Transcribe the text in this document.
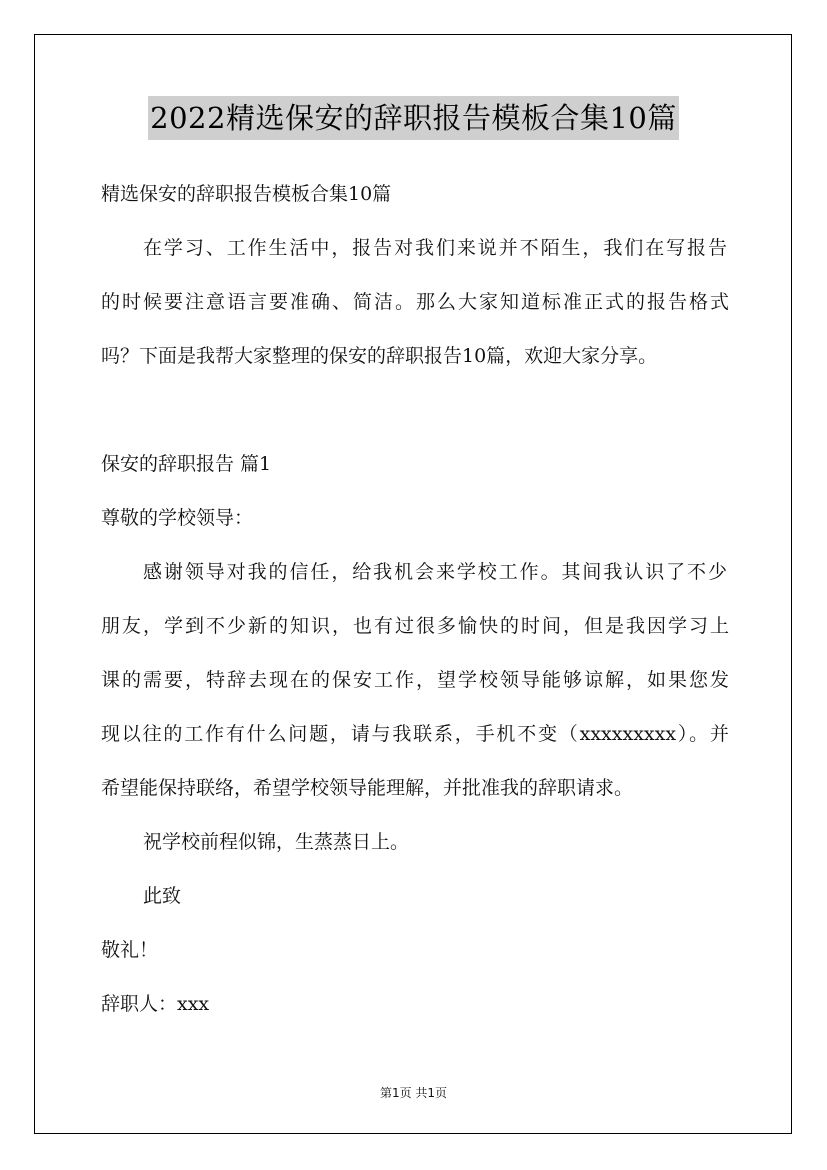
2022精选保安的辞职报告模板合集10篇
精选保安的辞职报告模板合集10篇
在学习、工作生活中，报告对我们来说并不陌生，我们在写报告
的时候要注意语言要准确、简洁。那么大家知道标准正式的报告格式
吗？下面是我帮大家整理的保安的辞职报告10篇，欢迎大家分享。
保安的辞职报告 篇1
尊敬的学校领导：
感谢领导对我的信任，给我机会来学校工作。其间我认识了不少
朋友，学到不少新的知识，也有过很多愉快的时间，但是我因学习上
课的需要，特辞去现在的保安工作，望学校领导能够谅解，如果您发
现以往的工作有什么问题，请与我联系，手机不变（xxxxxxxxx）。并
希望能保持联络，希望学校领导能理解，并批准我的辞职请求。
祝学校前程似锦，生蒸蒸日上。
此致
敬礼！
辞职人：xxx
第1页 共1页
